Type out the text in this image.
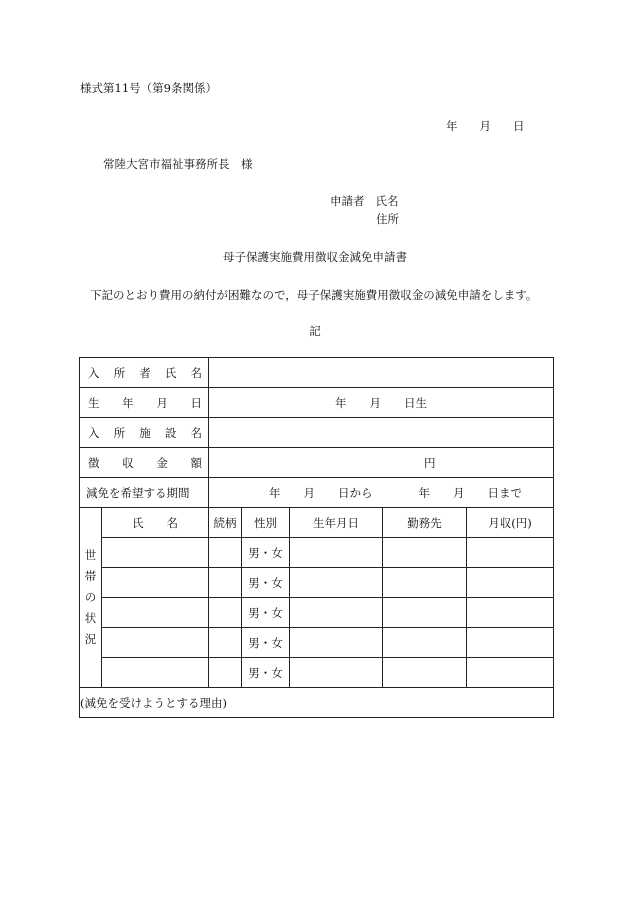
様式第11号（第9条関係）
年 月 日
常陸大宮市福祉事務所長　様
申請者 氏名
住所
母子保護実施費用徴収金減免申請書
下記のとおり費用の納付が困難なので，母子保護実施費用徴収金の減免申請をします。
記
入 所 者 氏 名						

生 年 月 日		年　　月　　日生				

入 所 施 設 名						

徴 収 金 額		円				
減免を希望する期間		年　　月　　日から 年　　月　　日まで				

世
帯
の
状
況	氏　　名	続柄	性別	生年月日	勤務先	月収(円)
			男・女			
			男・女			
			男・女			
			男・女			
			男・女			
(減免を受けようとする理由)						
